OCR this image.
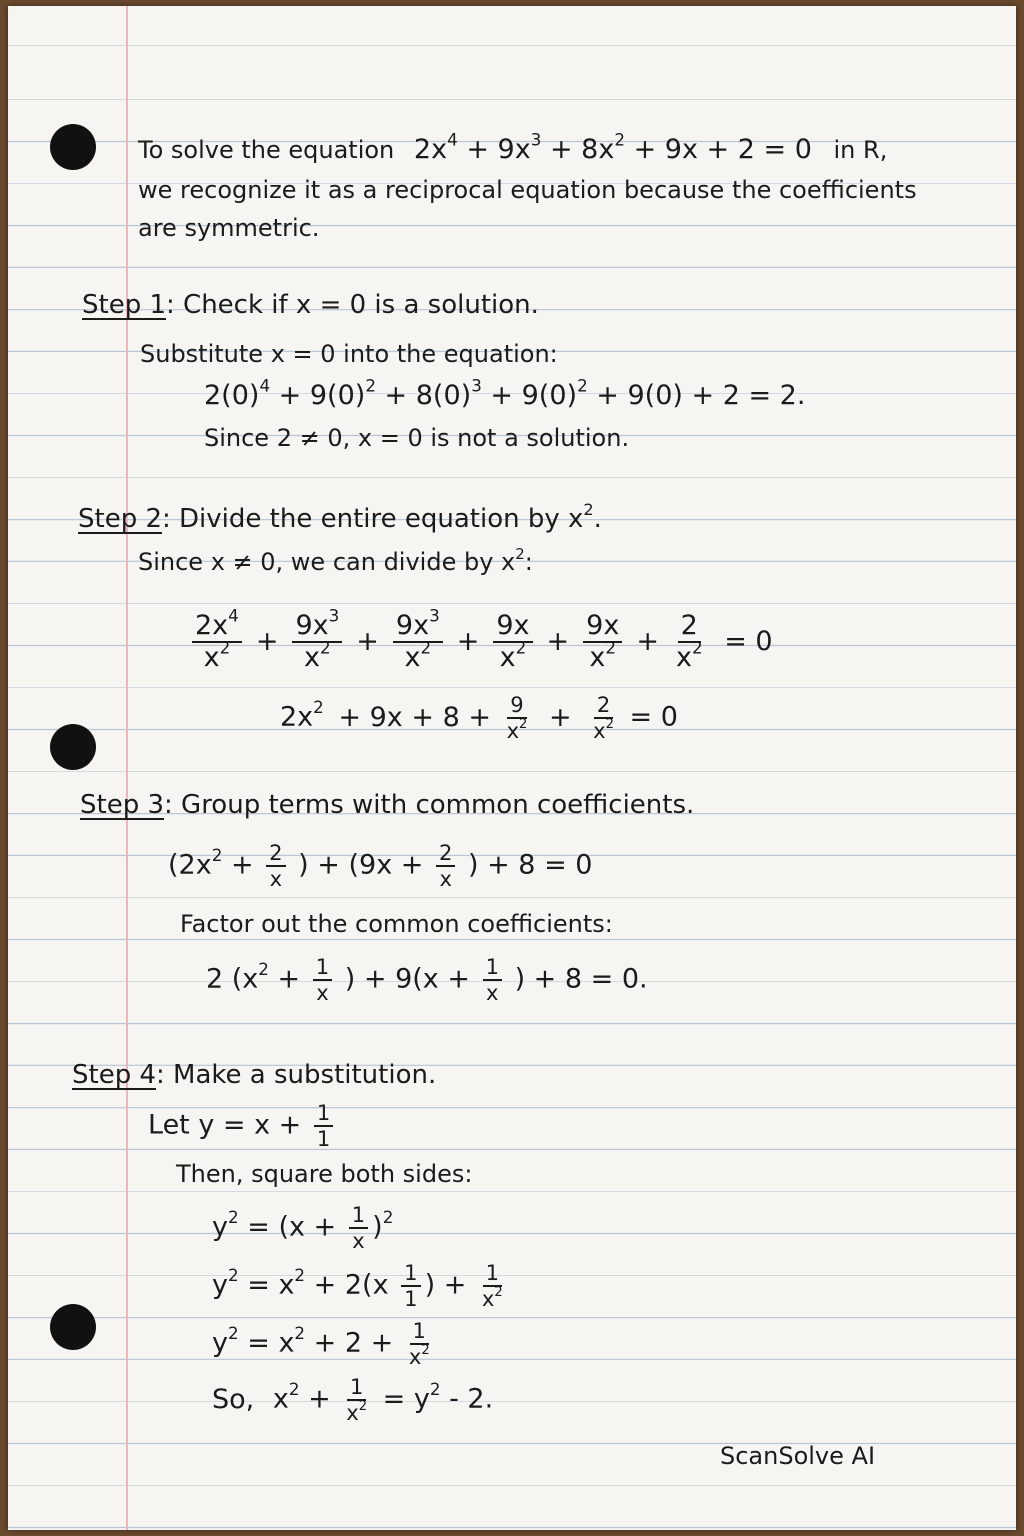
To solve the equation $2x^4 + 9x^3 + 8x^2 + 9x + 2 = 0$ in R,
we recognize it as a reciprocal equation because the coefficients
are symmetric.
Step 1: Check if x = 0 is a solution.
Substitute x = 0 into the equation:
$2(0)^4 + 9(0)^2 + 8(0)^3 + 9(0)^2 + 9(0) + 2 = 2$.
Since 2 ≠ 0, x = 0 is not a solution.
Step 2: Divide the entire equation by $x^2$.
Since x ≠ 0, we can divide by $x^2$:
$\frac{2x^4}{x^2} + \frac{9x^3}{x^2} + \frac{9x^3}{x^2} + \frac{9x}{x^2} + \frac{9x}{x^2} + \frac{2}{x^2} = 0$
$2x^2 + 9x + 8 + \frac{9}{x^2} + \frac{2}{x^2} = 0$
Step 3: Group terms with common coefficients.
($2x^2 + \frac{2}{x}$ ) + ($9x + \frac{2}{x}$ ) + 8 = 0
Factor out the common coefficients:
2 ($x^2 + \frac{1}{x}$ ) + $9(x + \frac{1}{x}$ ) + 8 = 0.
Step 4: Make a substitution.
Let $y = x + \frac{1}{1}$
Then, square both sides:
$y^2 = (x + \frac{1}{x} )^2$
$y^2 = x^2 + 2(x \frac{1}{1}$ ) + $\frac{1}{x^2}$
$y^2 = x^2 + 2 + \frac{1}{x^2}$
So, $x^2 + \frac{1}{x^2} = y^2 - 2$.
ScanSolve AI
